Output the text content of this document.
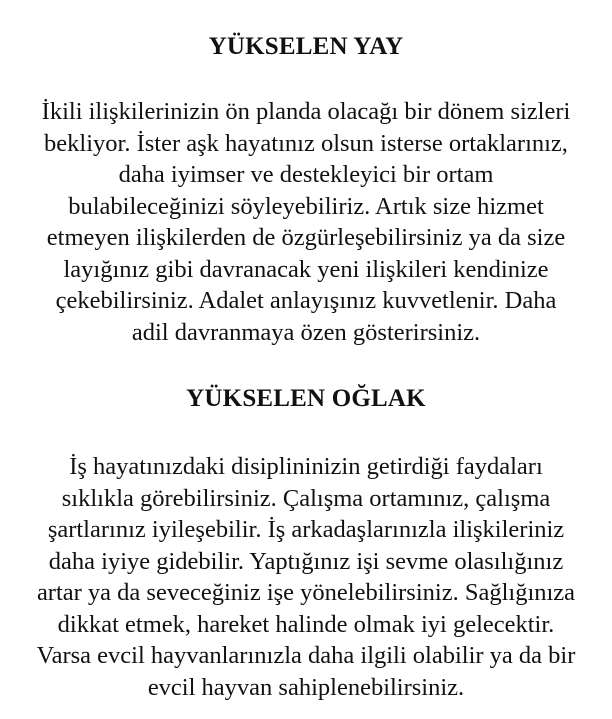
YÜKSELEN YAY

İkili ilişkilerinizin ön planda olacağı bir dönem sizleri
bekliyor. İster aşk hayatınız olsun isterse ortaklarınız,
daha iyimser ve destekleyici bir ortam
bulabileceğinizi söyleyebiliriz. Artık size hizmet
etmeyen ilişkilerden de özgürleşebilirsiniz ya da size
layığınız gibi davranacak yeni ilişkileri kendinize
çekebilirsiniz. Adalet anlayışınız kuvvetlenir. Daha
adil davranmaya özen gösterirsiniz.

YÜKSELEN OĞLAK

İş hayatınızdaki disiplininizin getirdiği faydaları
sıklıkla görebilirsiniz. Çalışma ortamınız, çalışma
şartlarınız iyileşebilir. İş arkadaşlarınızla ilişkileriniz
daha iyiye gidebilir. Yaptığınız işi sevme olasılığınız
artar ya da seveceğiniz işe yönelebilirsiniz. Sağlığınıza
dikkat etmek, hareket halinde olmak iyi gelecektir.
Varsa evcil hayvanlarınızla daha ilgili olabilir ya da bir
evcil hayvan sahiplenebilirsiniz.
